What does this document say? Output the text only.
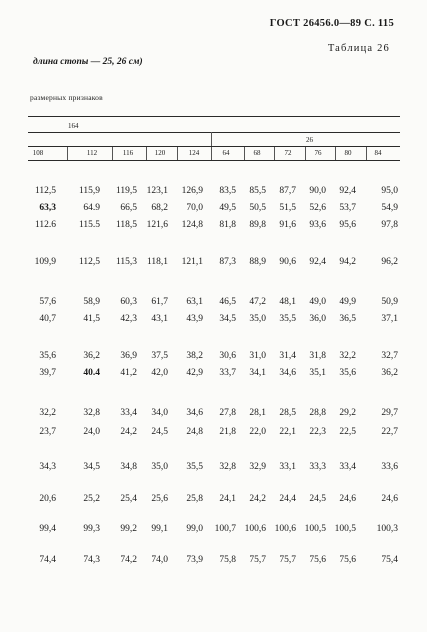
ГОСТ 26456.0—89 С. 115
Таблица 26
длина стопы — 25, 26 см)
размерных признаков
164
26
108	112	116	120	124	64	68	72	76	80	84
112,5	115,9	119,5	123,1	126,9	83,5	85,5	87,7	90,0	92,4	95,0
63,3	64.9	66,5	68,2	70,0	49,5	50,5	51,5	52,6	53,7	54,9
112.6	115.5	118,5	121,6	124,8	81,8	89,8	91,6	93,6	95,6	97,8
109,9	112,5	115,3	118,1	121,1	87,3	88,9	90,6	92,4	94,2	96,2
57,6	58,9	60,3	61,7	63,1	46,5	47,2	48,1	49,0	49,9	50,9
40,7	41,5	42,3	43,1	43,9	34,5	35,0	35,5	36,0	36,5	37,1
35,6	36,2	36,9	37,5	38,2	30,6	31,0	31,4	31,8	32,2	32,7
39,7	40.4	41,2	42,0	42,9	33,7	34,1	34,6	35,1	35,6	36,2
32,2	32,8	33,4	34,0	34,6	27,8	28,1	28,5	28,8	29,2	29,7
23,7	24,0	24,2	24,5	24,8	21,8	22,0	22,1	22,3	22,5	22,7
34,3	34,5	34,8	35,0	35,5	32,8	32,9	33,1	33,3	33,4	33,6
20,6	25,2	25,4	25,6	25,8	24,1	24,2	24,4	24,5	24,6	24,6
99,4	99,3	99,2	99,1	99,0	100,7 100,6 100,6 100,5 100,5	100,3
74,4	74,3	74,2	74,0	73,9	75,8	75,7	75,7	75,6	75,6	75,4
